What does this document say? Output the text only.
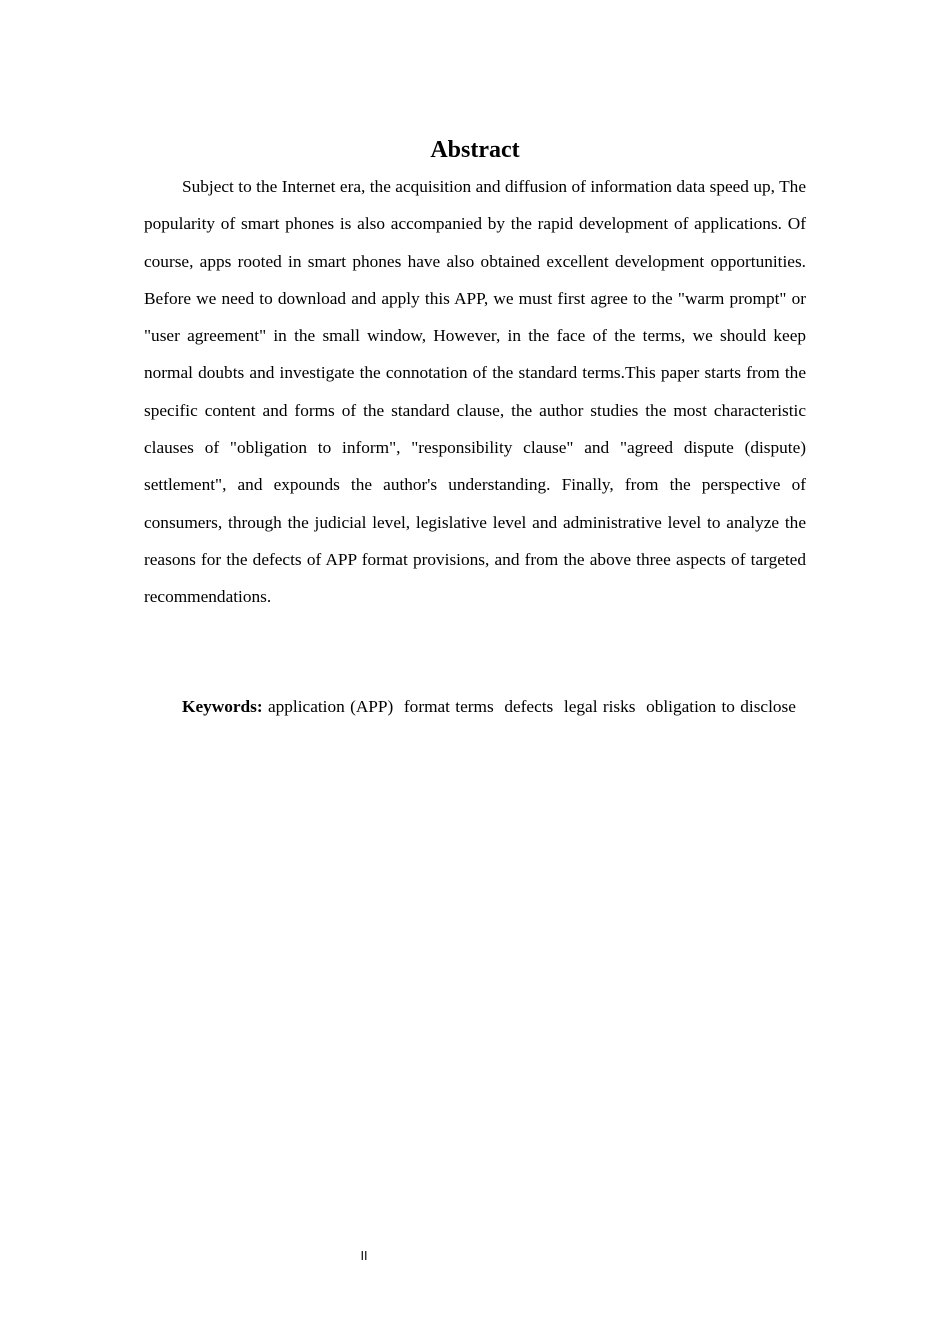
Abstract

Subject to the Internet era, the acquisition and diffusion of information data speed up, The popularity of smart phones is also accompanied by the rapid development of applications. Of course, apps rooted in smart phones have also obtained excellent development opportunities. Before we need to download and apply this APP, we must first agree to the "warm prompt" or "user agreement" in the small window, However, in the face of the terms, we should keep normal doubts and investigate the connotation of the standard terms.This paper starts from the specific content and forms of the standard clause, the author studies the most characteristic clauses of "obligation to inform", "responsibility clause" and "agreed dispute (dispute) settlement", and expounds the author's understanding. Finally, from the perspective of consumers, through the judicial level, legislative level and administrative level to analyze the reasons for the defects of APP format provisions, and from the above three aspects of targeted recommendations.

Keywords: application (APP)  format terms  defects  legal risks  obligation to disclose

II
